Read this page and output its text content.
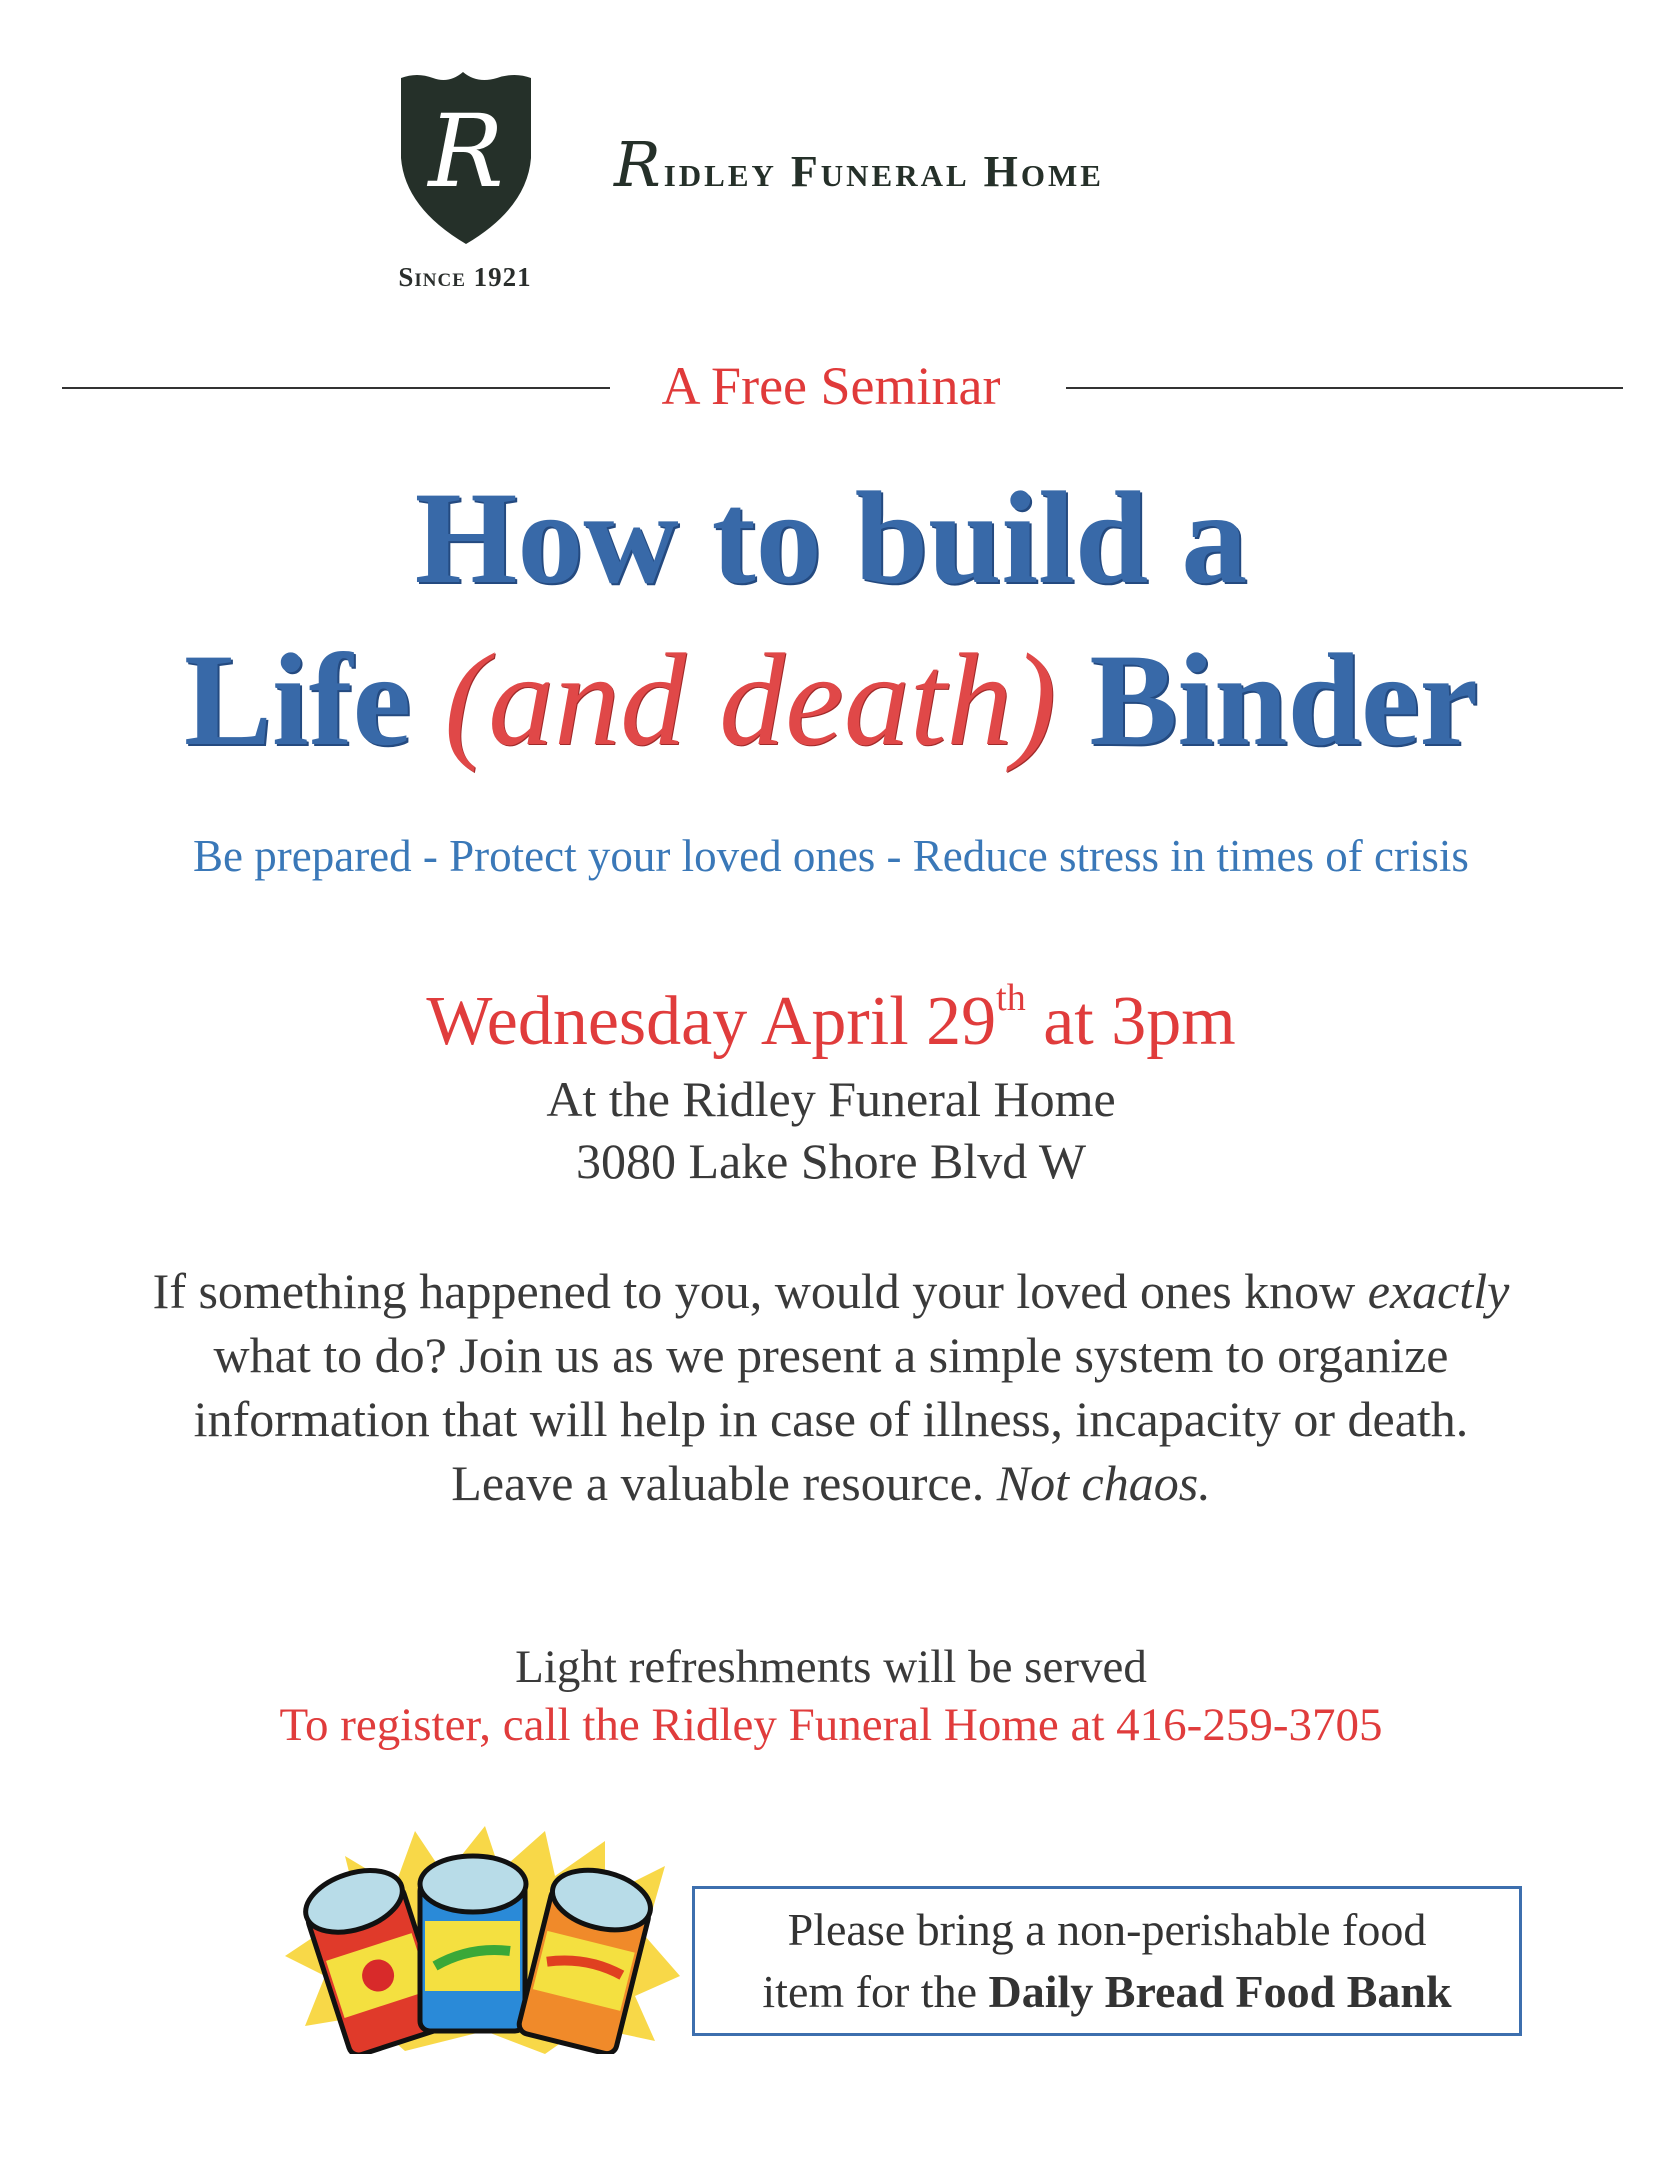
R
Since 1921
Ridley Funeral Home
A Free Seminar
How to build a
Life (and death) Binder
Be prepared - Protect your loved ones - Reduce stress in times of crisis
Wednesday April 29th at 3pm
At the Ridley Funeral Home
3080 Lake Shore Blvd W
If something happened to you, would your loved ones know exactly
what to do? Join us as we present a simple system to organize
information that will help in case of illness, incapacity or death.
Leave a valuable resource. Not chaos.
Light refreshments will be served
To register, call the Ridley Funeral Home at 416-259-3705
Please bring a non-perishable food
item for the Daily Bread Food Bank
